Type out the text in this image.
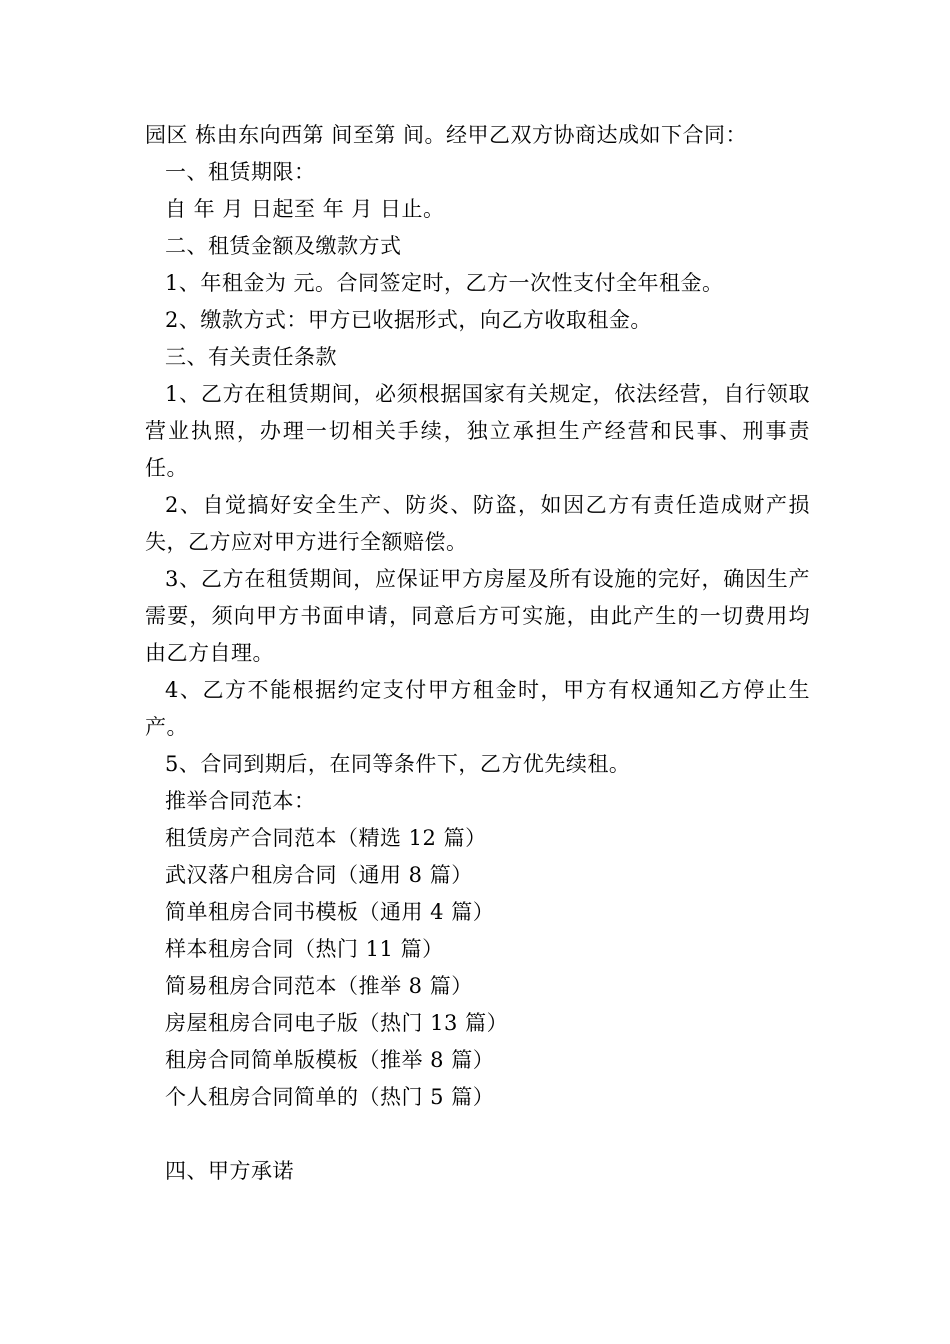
园区 栋由东向西第 间至第 间。经甲乙双方协商达成如下合同：

一、租赁期限：

自 年 月 日起至 年 月 日止。

二、租赁金额及缴款方式

1、年租金为 元。合同签定时，乙方一次性支付全年租金。

2、缴款方式：甲方已收据形式，向乙方收取租金。

三、有关责任条款

1、乙方在租赁期间，必须根据国家有关规定，依法经营，自行领取营业执照，办理一切相关手续，独立承担生产经营和民事、刑事责任。

2、自觉搞好安全生产、防炎、防盗，如因乙方有责任造成财产损失，乙方应对甲方进行全额赔偿。

3、乙方在租赁期间，应保证甲方房屋及所有设施的完好，确因生产需要，须向甲方书面申请，同意后方可实施，由此产生的一切费用均由乙方自理。

4、乙方不能根据约定支付甲方租金时，甲方有权通知乙方停止生产。

5、合同到期后，在同等条件下，乙方优先续租。

推举合同范本：

租赁房产合同范本（精选 12 篇）

武汉落户租房合同（通用 8 篇）

简单租房合同书模板（通用 4 篇）

样本租房合同（热门 11 篇）

简易租房合同范本（推举 8 篇）

房屋租房合同电子版（热门 13 篇）

租房合同简单版模板（推举 8 篇）

个人租房合同简单的（热门 5 篇）

四、甲方承诺
